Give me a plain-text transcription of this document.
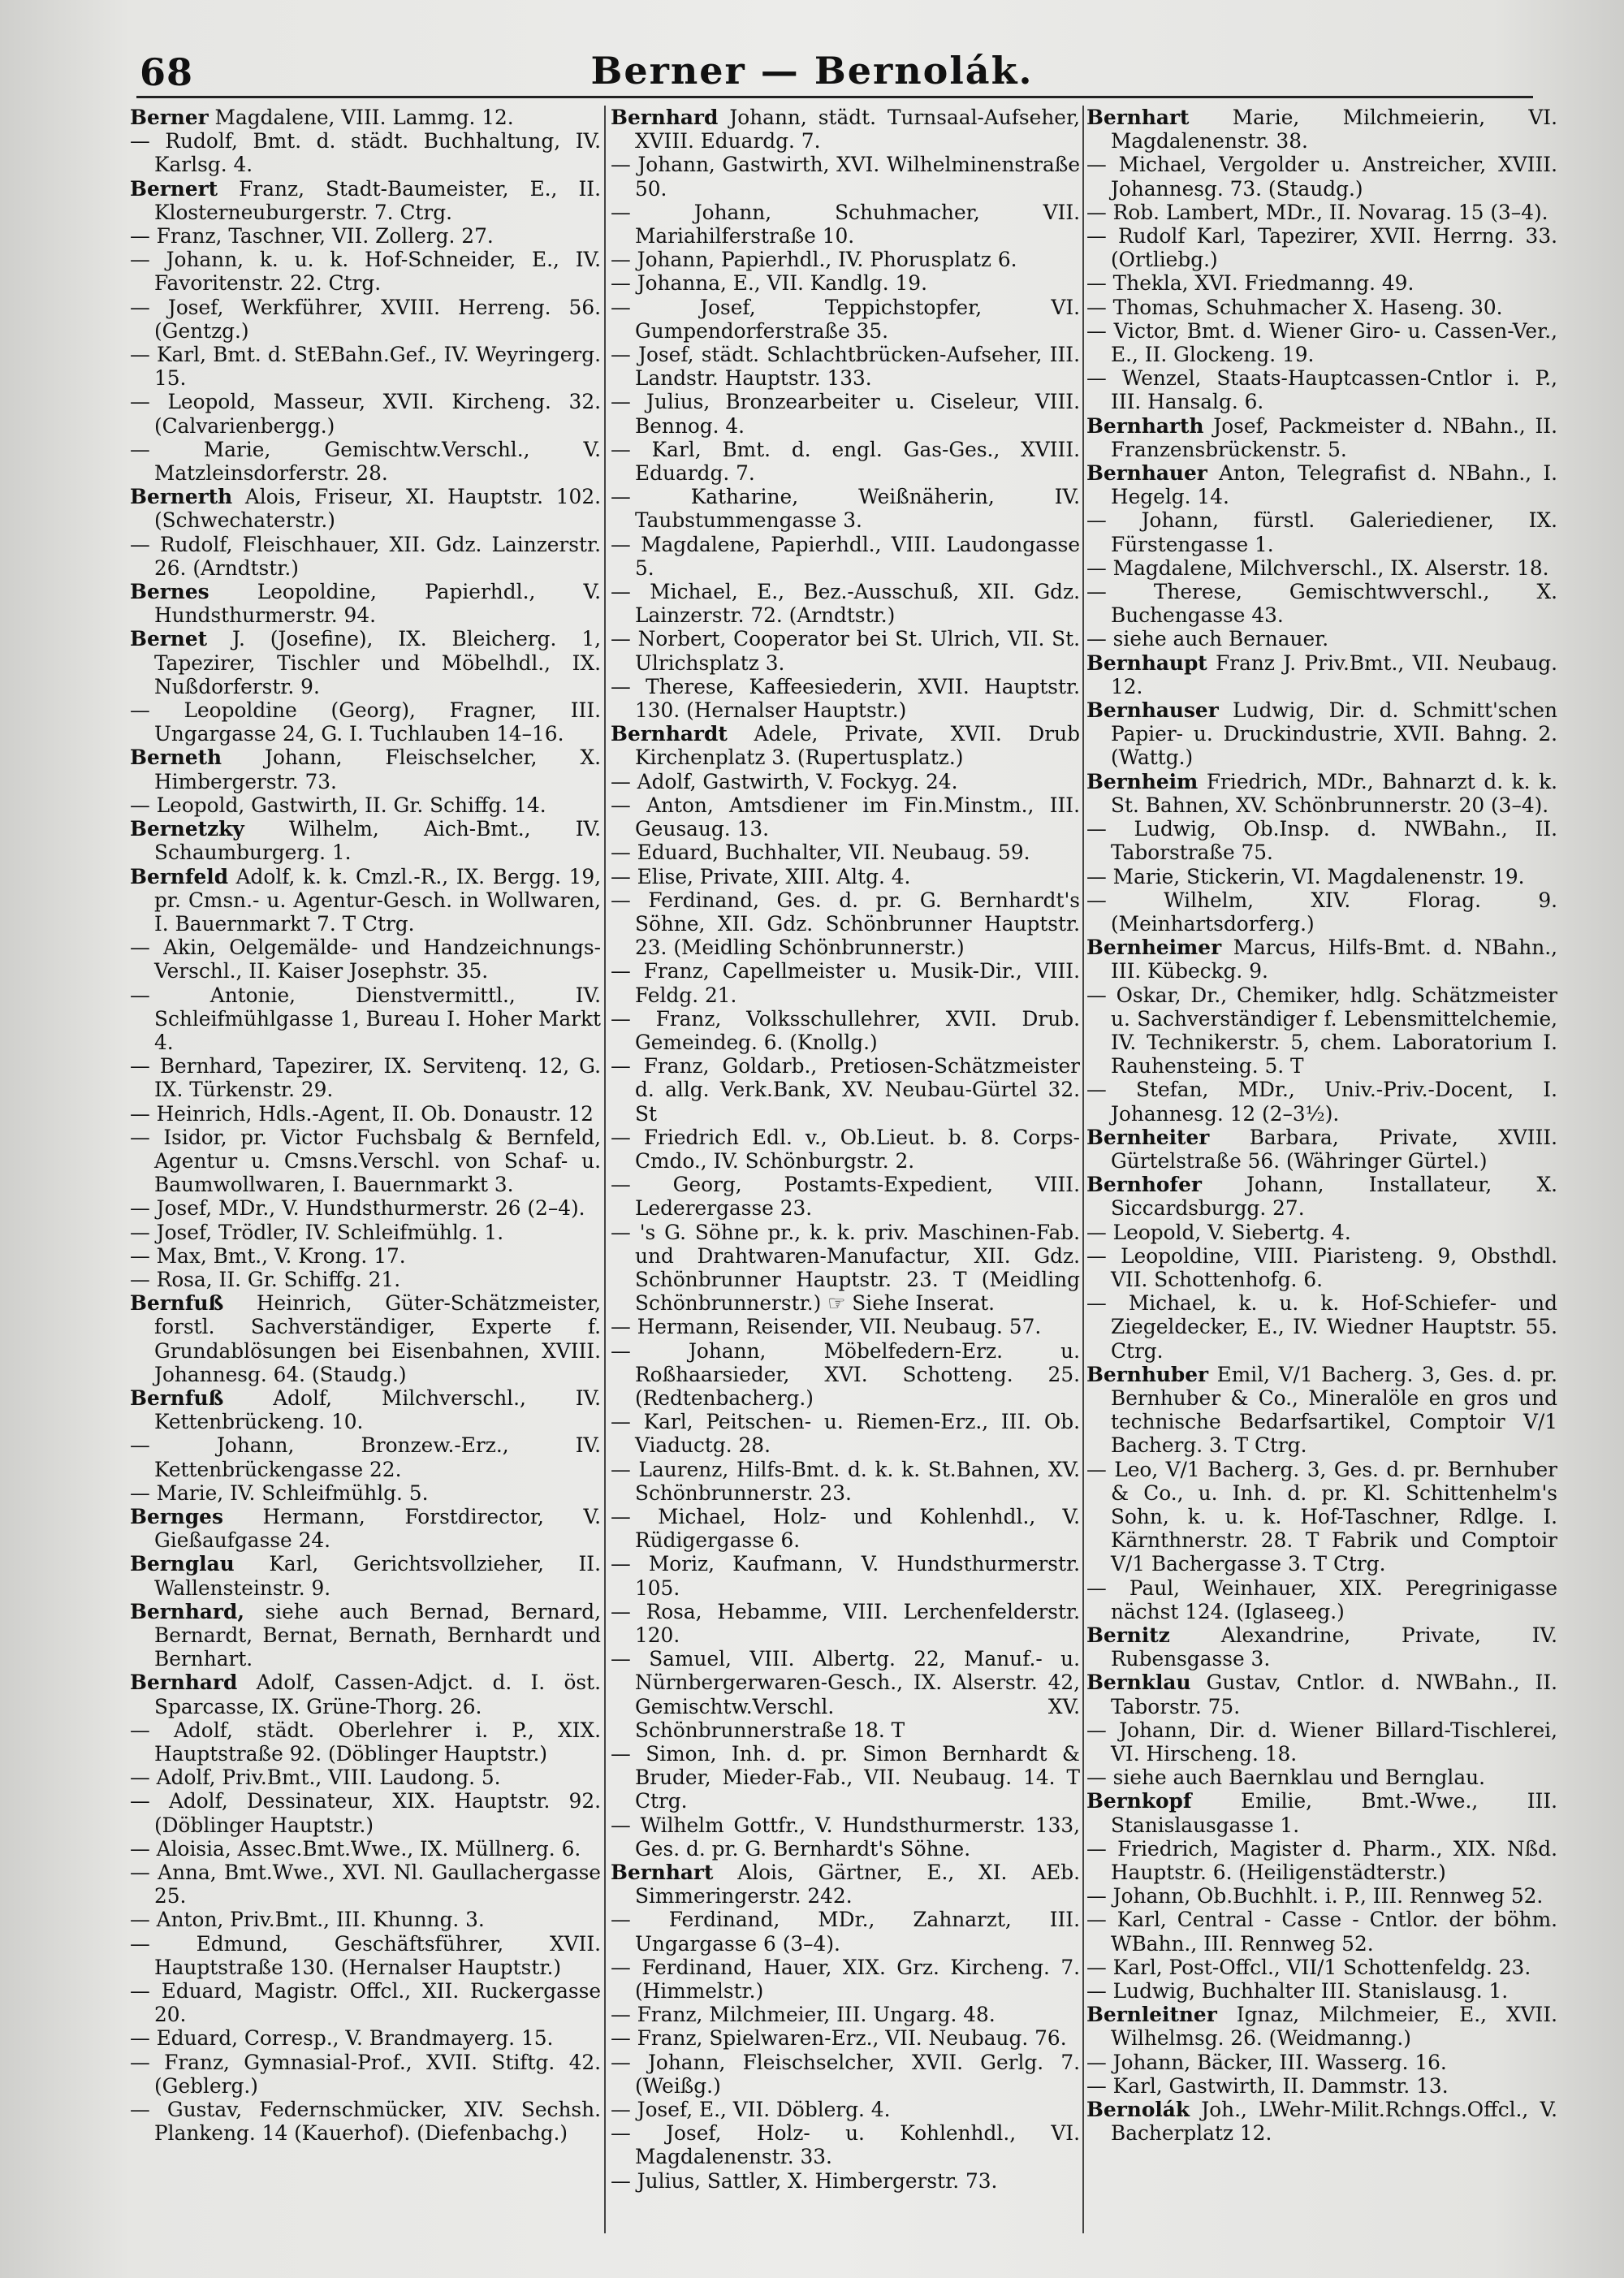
68	Berner — Bernolák.

Berner Magdalene, VIII. Lammg. 12.

— Rudolf, Bmt. d. städt. Buchhaltung, IV. Karlsg. 4.

Bernert Franz, Stadt-Baumeister, E., II. Klosterneuburgerstr. 7. Ctrg.

— Franz, Taschner, VII. Zollerg. 27.

— Johann, k. u. k. Hof-Schneider, E., IV. Favoritenstr. 22. Ctrg.

— Josef, Werkführer, XVIII. Herreng. 56. (Gentzg.)

— Karl, Bmt. d. StEBahn.Gef., IV. Weyringerg. 15.

— Leopold, Masseur, XVII. Kircheng. 32. (Calvarienbergg.)

— Marie, Gemischtw.Verschl., V. Matzleinsdorferstr. 28.

Bernerth Alois, Friseur, XI. Hauptstr. 102. (Schwechaterstr.)

— Rudolf, Fleischhauer, XII. Gdz. Lainzerstr. 26. (Arndtstr.)

Bernes Leopoldine, Papierhdl., V. Hundsthurmerstr. 94.

Bernet J. (Josefine), IX. Bleicherg. 1, Tapezirer, Tischler und Möbelhdl., IX. Nußdorferstr. 9.

— Leopoldine (Georg), Fragner, III. Ungargasse 24, G. I. Tuchlauben 14–16.

Berneth Johann, Fleischselcher, X. Himbergerstr. 73.

— Leopold, Gastwirth, II. Gr. Schiffg. 14.

Bernetzky Wilhelm, Aich-Bmt., IV. Schaumburgerg. 1.

Bernfeld Adolf, k. k. Cmzl.-R., IX. Bergg. 19, pr. Cmsn.- u. Agentur-Gesch. in Wollwaren, I. Bauernmarkt 7. T Ctrg.

— Akin, Oelgemälde- und Handzeichnungs-Verschl., II. Kaiser Josephstr. 35.

— Antonie, Dienstvermittl., IV. Schleifmühlgasse 1, Bureau I. Hoher Markt 4.

— Bernhard, Tapezirer, IX. Servitenq. 12, G. IX. Türkenstr. 29.

— Heinrich, Hdls.-Agent, II. Ob. Donaustr. 12

— Isidor, pr. Victor Fuchsbalg & Bernfeld, Agentur u. Cmsns.Verschl. von Schaf- u. Baumwollwaren, I. Bauernmarkt 3.

— Josef, MDr., V. Hundsthurmerstr. 26 (2–4).

— Josef, Trödler, IV. Schleifmühlg. 1.

— Max, Bmt., V. Krong. 17.

— Rosa, II. Gr. Schiffg. 21.

Bernfuß Heinrich, Güter-Schätzmeister, forstl. Sachverständiger, Experte f. Grundablösungen bei Eisenbahnen, XVIII. Johannesg. 64. (Staudg.)

Bernfuß Adolf, Milchverschl., IV. Kettenbrückeng. 10.

— Johann, Bronzew.-Erz., IV. Kettenbrückengasse 22.

— Marie, IV. Schleifmühlg. 5.

Bernges Hermann, Forstdirector, V. Gießaufgasse 24.

Bernglau Karl, Gerichtsvollzieher, II. Wallensteinstr. 9.

Bernhard, siehe auch Bernad, Bernard, Bernardt, Bernat, Bernath, Bernhardt und Bernhart.

Bernhard Adolf, Cassen-Adjct. d. I. öst. Sparcasse, IX. Grüne-Thorg. 26.

— Adolf, städt. Oberlehrer i. P., XIX. Hauptstraße 92. (Döblinger Hauptstr.)

— Adolf, Priv.Bmt., VIII. Laudong. 5.

— Adolf, Dessinateur, XIX. Hauptstr. 92. (Döblinger Hauptstr.)

— Aloisia, Assec.Bmt.Wwe., IX. Müllnerg. 6.

— Anna, Bmt.Wwe., XVI. Nl. Gaullachergasse 25.

— Anton, Priv.Bmt., III. Khunng. 3.

— Edmund, Geschäftsführer, XVII. Hauptstraße 130. (Hernalser Hauptstr.)

— Eduard, Magistr. Offcl., XII. Ruckergasse 20.

— Eduard, Corresp., V. Brandmayerg. 15.

— Franz, Gymnasial-Prof., XVII. Stiftg. 42. (Geblerg.)

— Gustav, Federnschmücker, XIV. Sechsh. Plankeng. 14 (Kauerhof). (Diefenbachg.)

Bernhard Johann, städt. Turnsaal-Aufseher, XVIII. Eduardg. 7.

— Johann, Gastwirth, XVI. Wilhelminenstraße 50.

— Johann, Schuhmacher, VII. Mariahilferstraße 10.

— Johann, Papierhdl., IV. Phorusplatz 6.

— Johanna, E., VII. Kandlg. 19.

— Josef, Teppichstopfer, VI. Gumpendorferstraße 35.

— Josef, städt. Schlachtbrücken-Aufseher, III. Landstr. Hauptstr. 133.

— Julius, Bronzearbeiter u. Ciseleur, VIII. Bennog. 4.

— Karl, Bmt. d. engl. Gas-Ges., XVIII. Eduardg. 7.

— Katharine, Weißnäherin, IV. Taubstummengasse 3.

— Magdalene, Papierhdl., VIII. Laudongasse 5.

— Michael, E., Bez.-Ausschuß, XII. Gdz. Lainzerstr. 72. (Arndtstr.)

— Norbert, Cooperator bei St. Ulrich, VII. St. Ulrichsplatz 3.

— Therese, Kaffeesiederin, XVII. Hauptstr. 130. (Hernalser Hauptstr.)

Bernhardt Adele, Private, XVII. Drub Kirchenplatz 3. (Rupertusplatz.)

— Adolf, Gastwirth, V. Fockyg. 24.

— Anton, Amtsdiener im Fin.Minstm., III. Geusaug. 13.

— Eduard, Buchhalter, VII. Neubaug. 59.

— Elise, Private, XIII. Altg. 4.

— Ferdinand, Ges. d. pr. G. Bernhardt's Söhne, XII. Gdz. Schönbrunner Hauptstr. 23. (Meidling Schönbrunnerstr.)

— Franz, Capellmeister u. Musik-Dir., VIII. Feldg. 21.

— Franz, Volksschullehrer, XVII. Drub. Gemeindeg. 6. (Knollg.)

— Franz, Goldarb., Pretiosen-Schätzmeister d. allg. Verk.Bank, XV. Neubau-Gürtel 32. St

— Friedrich Edl. v., Ob.Lieut. b. 8. Corps-Cmdo., IV. Schönburgstr. 2.

— Georg, Postamts-Expedient, VIII. Lederergasse 23.

— 's G. Söhne pr., k. k. priv. Maschinen-Fab. und Drahtwaren-Manufactur, XII. Gdz. Schönbrunner Hauptstr. 23. T (Meidling Schönbrunnerstr.) ☞ Siehe Inserat.

— Hermann, Reisender, VII. Neubaug. 57.

— Johann, Möbelfedern-Erz. u. Roßhaarsieder, XVI. Schotteng. 25. (Redtenbacherg.)

— Karl, Peitschen- u. Riemen-Erz., III. Ob. Viaductg. 28.

— Laurenz, Hilfs-Bmt. d. k. k. St.Bahnen, XV. Schönbrunnerstr. 23.

— Michael, Holz- und Kohlenhdl., V. Rüdigergasse 6.

— Moriz, Kaufmann, V. Hundsthurmerstr. 105.

— Rosa, Hebamme, VIII. Lerchenfelderstr. 120.

— Samuel, VIII. Albertg. 22, Manuf.- u. Nürnbergerwaren-Gesch., IX. Alserstr. 42, Gemischtw.Verschl. XV. Schönbrunnerstraße 18. T

— Simon, Inh. d. pr. Simon Bernhardt & Bruder, Mieder-Fab., VII. Neubaug. 14. T Ctrg.

— Wilhelm Gottfr., V. Hundsthurmerstr. 133, Ges. d. pr. G. Bernhardt's Söhne.

Bernhart Alois, Gärtner, E., XI. AEb. Simmeringerstr. 242.

— Ferdinand, MDr., Zahnarzt, III. Ungargasse 6 (3–4).

— Ferdinand, Hauer, XIX. Grz. Kircheng. 7. (Himmelstr.)

— Franz, Milchmeier, III. Ungarg. 48.

— Franz, Spielwaren-Erz., VII. Neubaug. 76.

— Johann, Fleischselcher, XVII. Gerlg. 7. (Weißg.)

— Josef, E., VII. Döblerg. 4.

— Josef, Holz- u. Kohlenhdl., VI. Magdalenenstr. 33.

— Julius, Sattler, X. Himbergerstr. 73.

Bernhart Marie, Milchmeierin, VI. Magdalenenstr. 38.

— Michael, Vergolder u. Anstreicher, XVIII. Johannesg. 73. (Staudg.)

— Rob. Lambert, MDr., II. Novarag. 15 (3–4).

— Rudolf Karl, Tapezirer, XVII. Herrng. 33. (Ortliebg.)

— Thekla, XVI. Friedmanng. 49.

— Thomas, Schuhmacher X. Haseng. 30.

— Victor, Bmt. d. Wiener Giro- u. Cassen-Ver., E., II. Glockeng. 19.

— Wenzel, Staats-Hauptcassen-Cntlor i. P., III. Hansalg. 6.

Bernharth Josef, Packmeister d. NBahn., II. Franzensbrückenstr. 5.

Bernhauer Anton, Telegrafist d. NBahn., I. Hegelg. 14.

— Johann, fürstl. Galeriediener, IX. Fürstengasse 1.

— Magdalene, Milchverschl., IX. Alserstr. 18.

— Therese, Gemischtwverschl., X. Buchengasse 43.

— siehe auch Bernauer.

Bernhaupt Franz J. Priv.Bmt., VII. Neubaug. 12.

Bernhauser Ludwig, Dir. d. Schmitt'schen Papier- u. Druckindustrie, XVII. Bahng. 2. (Wattg.)

Bernheim Friedrich, MDr., Bahnarzt d. k. k. St. Bahnen, XV. Schönbrunnerstr. 20 (3–4).

— Ludwig, Ob.Insp. d. NWBahn., II. Taborstraße 75.

— Marie, Stickerin, VI. Magdalenenstr. 19.

— Wilhelm, XIV. Florag. 9. (Meinhartsdorferg.)

Bernheimer Marcus, Hilfs-Bmt. d. NBahn., III. Kübeckg. 9.

— Oskar, Dr., Chemiker, hdlg. Schätzmeister u. Sachverständiger f. Lebensmittelchemie, IV. Technikerstr. 5, chem. Laboratorium I. Rauhensteing. 5. T

— Stefan, MDr., Univ.-Priv.-Docent, I. Johannesg. 12 (2–3½).

Bernheiter Barbara, Private, XVIII. Gürtelstraße 56. (Währinger Gürtel.)

Bernhofer Johann, Installateur, X. Siccardsburgg. 27.

— Leopold, V. Siebertg. 4.

— Leopoldine, VIII. Piaristeng. 9, Obsthdl. VII. Schottenhofg. 6.

— Michael, k. u. k. Hof-Schiefer- und Ziegeldecker, E., IV. Wiedner Hauptstr. 55. Ctrg.

Bernhuber Emil, V/1 Bacherg. 3, Ges. d. pr. Bernhuber & Co., Mineralöle en gros und technische Bedarfsartikel, Comptoir V/1 Bacherg. 3. T Ctrg.

— Leo, V/1 Bacherg. 3, Ges. d. pr. Bernhuber & Co., u. Inh. d. pr. Kl. Schittenhelm's Sohn, k. u. k. Hof-Taschner, Rdlge. I. Kärnthnerstr. 28. T Fabrik und Comptoir V/1 Bachergasse 3. T Ctrg.

— Paul, Weinhauer, XIX. Peregrinigasse nächst 124. (Iglaseeg.)

Bernitz Alexandrine, Private, IV. Rubensgasse 3.

Bernklau Gustav, Cntlor. d. NWBahn., II. Taborstr. 75.

— Johann, Dir. d. Wiener Billard-Tischlerei, VI. Hirscheng. 18.

— siehe auch Baernklau und Bernglau.

Bernkopf Emilie, Bmt.-Wwe., III. Stanislausgasse 1.

— Friedrich, Magister d. Pharm., XIX. Nßd. Hauptstr. 6. (Heiligenstädterstr.)

— Johann, Ob.Buchhlt. i. P., III. Rennweg 52.

— Karl, Central - Casse - Cntlor. der böhm. WBahn., III. Rennweg 52.

— Karl, Post-Offcl., VII/1 Schottenfeldg. 23.

— Ludwig, Buchhalter III. Stanislausg. 1.

Bernleitner Ignaz, Milchmeier, E., XVII. Wilhelmsg. 26. (Weidmanng.)

— Johann, Bäcker, III. Wasserg. 16.

— Karl, Gastwirth, II. Dammstr. 13.

Bernolák Joh., LWehr-Milit.Rchngs.Offcl., V. Bacherplatz 12.
